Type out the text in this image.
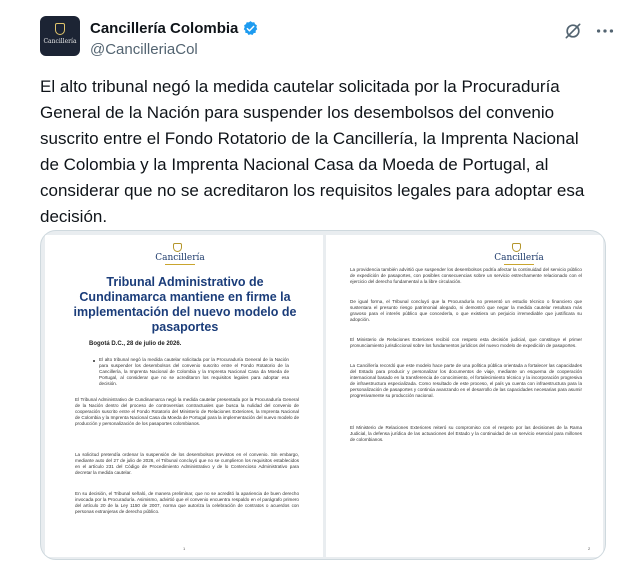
Cancillería
Cancillería Colombia
@CancilleriaCol
El alto tribunal negó la medida cautelar solicitada por la Procuraduría
General de la Nación para suspender los desembolsos del convenio
suscrito entre el Fondo Rotatorio de la Cancillería, la Imprenta Nacional
de Colombia y la Imprenta Nacional Casa da Moeda de Portugal, al
considerar que no se acreditaron los requisitos legales para adoptar esa
decisión.
Cancillería
Tribunal Administrativo de Cundinamarca mantiene en firme la implementación del nuevo modelo de pasaportes
Bogotá D.C., 28 de julio de 2026.
El alto tribunal negó la medida cautelar solicitada por la Procuraduría General de la Nación para suspender los desembolsos del convenio suscrito entre el Fondo Rotatorio de la Cancillería, la Imprenta Nacional de Colombia y la Imprenta Nacional Casa da Moeda de Portugal, al considerar que no se acreditaron los requisitos legales para adoptar esa decisión.
El Tribunal Administrativo de Cundinamarca negó la medida cautelar presentada por la Procuraduría General de la Nación dentro del proceso de controversias contractuales que busca la nulidad del convenio de cooperación suscrito entre el Fondo Rotatorio del Ministerio de Relaciones Exteriores, la Imprenta Nacional de Colombia y la Imprenta Nacional Casa da Moeda de Portugal para la implementación del nuevo modelo de producción y personalización de los pasaportes colombianos.
La solicitud pretendía ordenar la suspensión de los desembolsos previstos en el convenio. Sin embargo, mediante auto del 27 de julio de 2026, el Tribunal concluyó que no se cumplieron los requisitos establecidos en el artículo 231 del Código de Procedimiento Administrativo y de lo Contencioso Administrativo para decretar la medida cautelar.
En su decisión, el Tribunal señaló, de manera preliminar, que no se acreditó la apariencia de buen derecho invocada por la Procuraduría. Asimismo, advirtió que el convenio encuentra respaldo en el parágrafo primero del artículo 20 de la Ley 1150 de 2007, norma que autoriza la celebración de contratos o acuerdos con personas extranjeras de derecho público.
1
Cancillería
La providencia también advirtió que suspender los desembolsos podría afectar la continuidad del servicio público de expedición de pasaportes, con posibles consecuencias sobre un servicio estrechamente relacionado con el ejercicio del derecho fundamental a la libre circulación.
De igual forma, el Tribunal concluyó que la Procuraduría no presentó un estudio técnico o financiero que sustentara el presunto riesgo patrimonial alegado, ni demostró que negar la medida cautelar resultara más gravoso para el interés público que concederla, o que existiera un perjuicio irremediable que justificara su adopción.
El Ministerio de Relaciones Exteriores recibió con respeto esta decisión judicial, que constituye el primer pronunciamiento jurisdiccional sobre los fundamentos jurídicos del nuevo modelo de expedición de pasaportes.
La Cancillería recordó que este modelo hace parte de una política pública orientada a fortalecer las capacidades del Estado para producir y personalizar los documentos de viaje, mediante un esquema de cooperación internacional basado en la transferencia de conocimiento, el fortalecimiento técnico y la incorporación progresiva de infraestructura especializada. Como resultado de este proceso, el país ya cuenta con infraestructura para la personalización de pasaportes y continúa avanzando en el desarrollo de las capacidades necesarias para asumir progresivamente su producción nacional.
El Ministerio de Relaciones Exteriores reiteró su compromiso con el respeto por las decisiones de la Rama Judicial, la defensa jurídica de las actuaciones del Estado y la continuidad de un servicio esencial para millones de colombianos.
2
